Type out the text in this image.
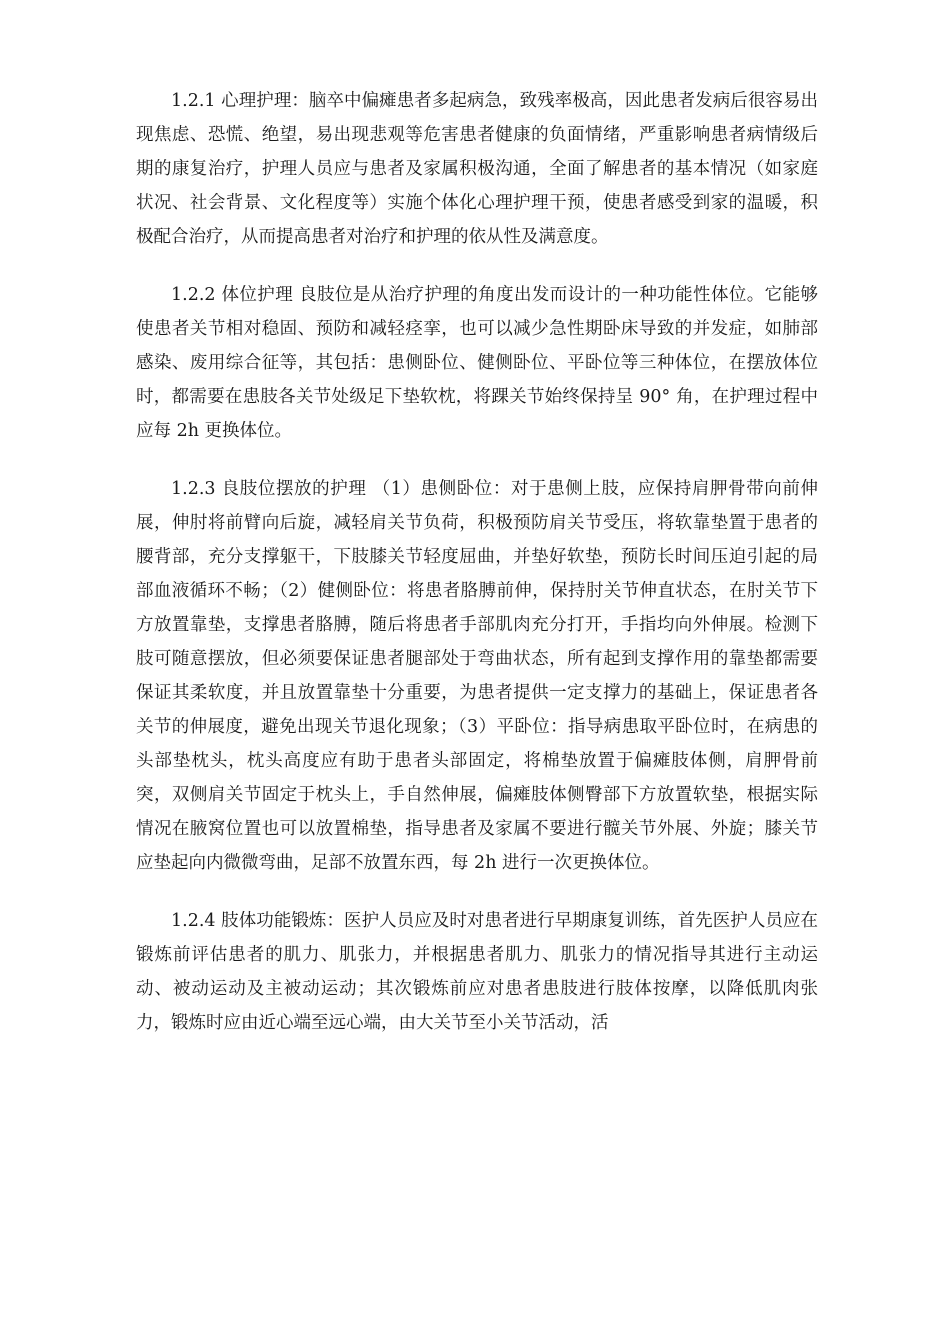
1.2.1 心理护理：脑卒中偏瘫患者多起病急，致残率极高，因此患者发病后很容易出现焦虑、恐慌、绝望，易出现悲观等危害患者健康的负面情绪，严重影响患者病情级后期的康复治疗，护理人员应与患者及家属积极沟通，全面了解患者的基本情况（如家庭状况、社会背景、文化程度等）实施个体化心理护理干预，使患者感受到家的温暖，积极配合治疗，从而提高患者对治疗和护理的依从性及满意度。

1.2.2 体位护理 良肢位是从治疗护理的角度出发而设计的一种功能性体位。它能够使患者关节相对稳固、预防和减轻痉挛，也可以减少急性期卧床导致的并发症，如肺部感染、废用综合征等，其包括：患侧卧位、健侧卧位、平卧位等三种体位，在摆放体位时，都需要在患肢各关节处级足下垫软枕，将踝关节始终保持呈 90° 角，在护理过程中应每 2h 更换体位。

1.2.3 良肢位摆放的护理 （1）患侧卧位：对于患侧上肢，应保持肩胛骨带向前伸展，伸肘将前臂向后旋，减轻肩关节负荷，积极预防肩关节受压，将软靠垫置于患者的腰背部，充分支撑躯干，下肢膝关节轻度屈曲，并垫好软垫，预防长时间压迫引起的局部血液循环不畅；（2）健侧卧位：将患者胳膊前伸，保持肘关节伸直状态，在肘关节下方放置靠垫，支撑患者胳膊，随后将患者手部肌肉充分打开，手指均向外伸展。检测下肢可随意摆放，但必须要保证患者腿部处于弯曲状态，所有起到支撑作用的靠垫都需要保证其柔软度，并且放置靠垫十分重要，为患者提供一定支撑力的基础上，保证患者各关节的伸展度，避免出现关节退化现象；（3）平卧位：指导病患取平卧位时，在病患的头部垫枕头，枕头高度应有助于患者头部固定，将棉垫放置于偏瘫肢体侧，肩胛骨前突，双侧肩关节固定于枕头上，手自然伸展，偏瘫肢体侧臀部下方放置软垫，根据实际情况在腋窝位置也可以放置棉垫，指导患者及家属不要进行髋关节外展、外旋；膝关节应垫起向内微微弯曲，足部不放置东西，每 2h 进行一次更换体位。

1.2.4 肢体功能锻炼：医护人员应及时对患者进行早期康复训练，首先医护人员应在锻炼前评估患者的肌力、肌张力，并根据患者肌力、肌张力的情况指导其进行主动运动、被动运动及主被动运动；其次锻炼前应对患者患肢进行肢体按摩，以降低肌肉张力，锻炼时应由近心端至远心端，由大关节至小关节活动，活
